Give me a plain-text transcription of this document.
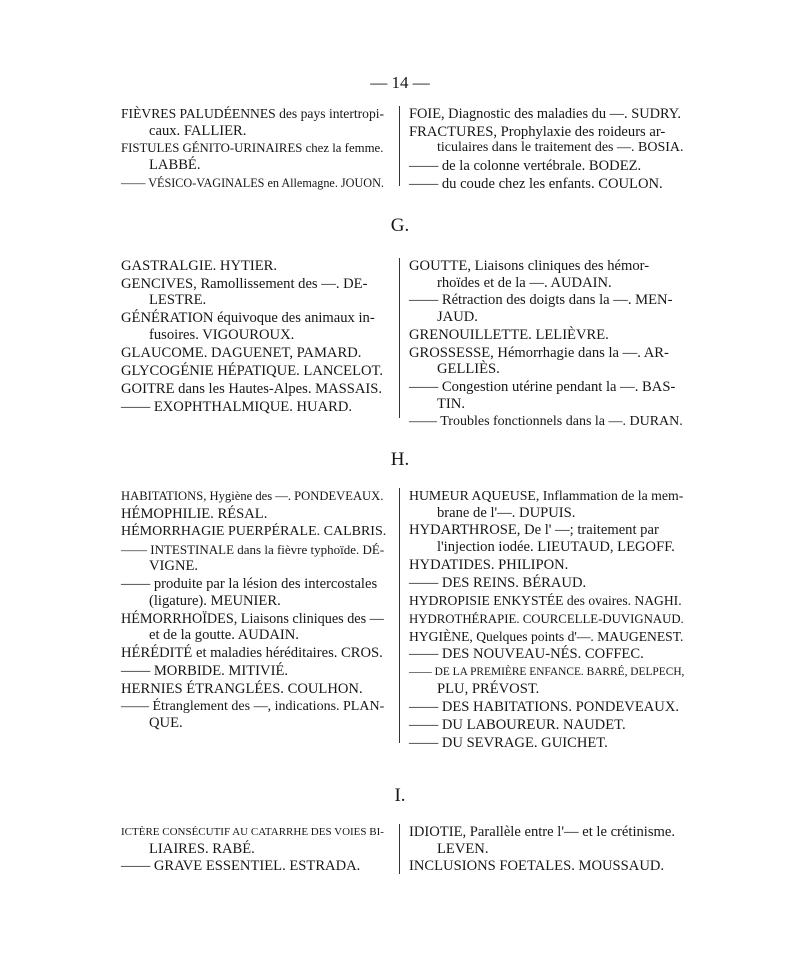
— 14 —
FIÈVRES PALUDÉENNES des pays intertropi-
caux. FALLIER.
FISTULES GÉNITO-URINAIRES chez la femme.
LABBÉ.
—— VÉSICO-VAGINALES en Allemagne. JOUON.
FOIE, Diagnostic des maladies du —. SUDRY.
FRACTURES, Prophylaxie des roideurs ar-
ticulaires dans le traitement des —. BOSIA.
—— de la colonne vertébrale. BODEZ.
—— du coude chez les enfants. COULON.
G.
GASTRALGIE. HYTIER.
GENCIVES, Ramollissement des —. DE-
LESTRE.
GÉNÉRATION équivoque des animaux in-
fusoires. VIGOUROUX.
GLAUCOME. DAGUENET, PAMARD.
GLYCOGÉNIE HÉPATIQUE. LANCELOT.
GOITRE dans les Hautes-Alpes. MASSAIS.
—— EXOPHTHALMIQUE. HUARD.
GOUTTE, Liaisons cliniques des hémor-
rhoïdes et de la —. AUDAIN.
—— Rétraction des doigts dans la —. MEN-
JAUD.
GRENOUILLETTE. LELIÈVRE.
GROSSESSE, Hémorrhagie dans la —. AR-
GELLIÈS.
—— Congestion utérine pendant la —. BAS-
TIN.
—— Troubles fonctionnels dans la —. DURAN.
H.
HABITATIONS, Hygiène des —. PONDEVEAUX.
HÉMOPHILIE. RÉSAL.
HÉMORRHAGIE PUERPÉRALE. CALBRIS.
—— INTESTINALE dans la fièvre typhoïde. DÉ-
VIGNE.
—— produite par la lésion des intercostales
(ligature). MEUNIER.
HÉMORRHOÏDES, Liaisons cliniques des —
et de la goutte. AUDAIN.
HÉRÉDITÉ et maladies héréditaires. CROS.
—— MORBIDE. MITIVIÉ.
HERNIES ÉTRANGLÉES. COULHON.
—— Étranglement des —, indications. PLAN-
QUE.
HUMEUR AQUEUSE, Inflammation de la mem-
brane de l'—. DUPUIS.
HYDARTHROSE, De l' —; traitement par
l'injection iodée. LIEUTAUD, LEGOFF.
HYDATIDES. PHILIPON.
—— DES REINS. BÉRAUD.
HYDROPISIE ENKYSTÉE des ovaires. NAGHI.
HYDROTHÉRAPIE. COURCELLE-DUVIGNAUD.
HYGIÈNE, Quelques points d'—. MAUGENEST.
—— DES NOUVEAU-NÉS. COFFEC.
—— DE LA PREMIÈRE ENFANCE. BARRÉ, DELPECH,
PLU, PRÉVOST.
—— DES HABITATIONS. PONDEVEAUX.
—— DU LABOUREUR. NAUDET.
—— DU SEVRAGE. GUICHET.
I.
ICTÈRE CONSÉCUTIF AU CATARRHE DES VOIES BI-
LIAIRES. RABÉ.
—— GRAVE ESSENTIEL. ESTRADA.
IDIOTIE, Parallèle entre l'— et le crétinisme.
LEVEN.
INCLUSIONS FOETALES. MOUSSAUD.
